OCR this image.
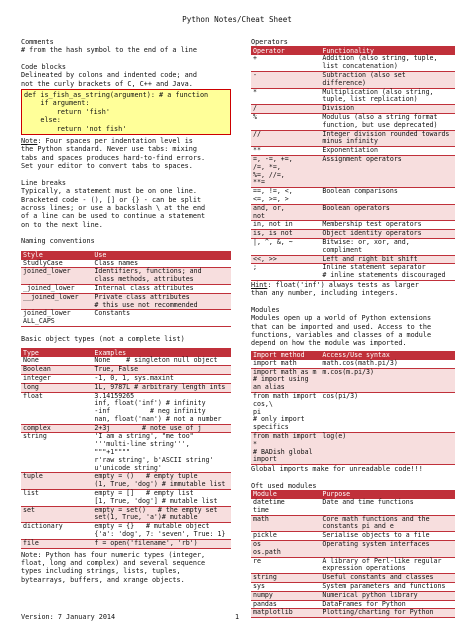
Python Notes/Cheat Sheet
Comments
# from the hash symbol to the end of a line
Code blocks
Delineated by colons and indented code; and
not the curly brackets of C, C++ and Java.
def is_fish_as_string(argument): # a function
if argument:
return 'fish'
else:
return 'not fish'
Note: Four spaces per indentation level is
the Python standard. Never use tabs: mixing
tabs and spaces produces hard-to-find errors.
Set your editor to convert tabs to spaces.
Line breaks
Typically, a statement must be on one line.
Bracketed code - (), [] or {} - can be split
across lines; or use a backslash \ at the end
of a line can be used to continue a statement
on to the next line.
Naming conventions
Style	Use
StudlyCase	Class names
joined_lower	Identifiers, functions; and
class methods, attributes
_joined_lower	Internal class attributes
__joined_lower	Private class attributes
# this use not recommended
joined_lower
ALL_CAPS	Constants
Basic object types (not a complete list)
Type	Examples
None	None    # singleton null object
Boolean	True, False
integer	-1, 0, 1, sys.maxint
long	1L, 9787L # arbitrary length ints
float	3.14159265
inf, float('inf') # infinity
-inf          # neg infinity
nan, float('nan') # not a number
complex	2+3j        # note use of j
string	'I am a string', "me too"
'''multi-line string''', """+1""""
r'raw string', b'ASCII string'
u'unicode string'
tuple	empty = ()   # empty tuple
(1, True, 'dog') # immutable list
list	empty = []   # empty list
[1, True, 'dog'] # mutable list
set	empty = set()   # the empty set
set(1, True, 'a')# mutable
dictionary	empty = {}   # mutable object
{'a': 'dog', 7: 'seven', True: 1}
file	f = open('filename', 'rb')
Note: Python has four numeric types (integer,
float, long and complex) and several sequence
types including strings, lists, tuples,
bytearrays, buffers, and xrange objects.
Operators
Operator	Functionality
+	Addition (also string, tuple,
list concatenation)
-	Subtraction (also set difference)
*	Multiplication (also string,
tuple, list replication)
/	Division
%	Modulus (also a string format
function, but use deprecated)
//	Integer division rounded towards
minus infinity
**	Exponentiation
=, -=, +=,
/=, *=,
%=, //=,
**=	Assignment operators
==, !=, <,
<=, >=, >	Boolean comparisons
and, or,
not	Boolean operators
in, not in	Membership test operators
is, is not	Object identity operators
|, ^, &, ~	Bitwise: or, xor, and, compliment
<<, >>	Left and right bit shift
;	Inline statement separator
# inline statements discouraged
Hint: float('inf') always tests as larger
than any number, including integers.
Modules
Modules open up a world of Python extensions
that can be imported and used. Access to the
functions, variables and classes of a module
depend on how the module was imported.
Import method	Access/Use syntax
import math	math.cos(math.pi/3)
import math as m
# import using an alias	m.cos(m.pi/3)
from math import cos,\
pi
# only import specifics	cos(pi/3)
from math import *
# BADish global import	log(e)
Global imports make for unreadable code!!!
Oft used modules
Module	Purpose
datetime
time	Date and time functions
math	Core math functions and the
constants pi and e
pickle	Serialise objects to a file
os
os.path	Operating system interfaces
re	A library of Perl-like regular
expression operations
string	Useful constants and classes
sys	System parameters and functions
numpy	Numerical python library
pandas	DataFrames for Python
matplotlib	Plotting/charting for Python
Version: 7 January 2014	1
